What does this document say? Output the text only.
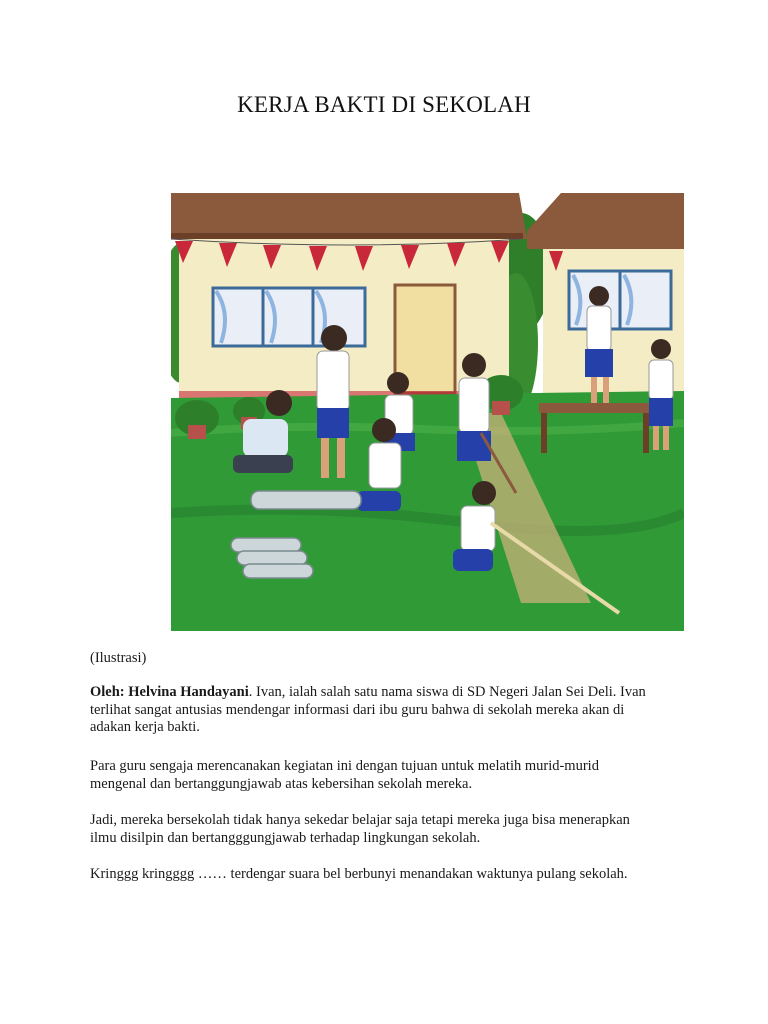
KERJA BAKTI DI SEKOLAH
(Ilustrasi)

Oleh: Helvina Handayani. Ivan, ialah salah satu nama siswa di SD Negeri Jalan Sei Deli. Ivan
terlihat sangat antusias mendengar informasi dari ibu guru bahwa di sekolah mereka akan di
adakan kerja bakti.

Para guru sengaja merencanakan kegiatan ini dengan tujuan untuk melatih murid-murid
mengenal dan bertanggungjawab atas kebersihan sekolah mereka.

Jadi, mereka bersekolah tidak hanya sekedar belajar saja tetapi mereka juga bisa menerapkan
ilmu disilpin dan bertangggungjawab terhadap lingkungan sekolah.

Kringgg kringggg …… terdengar suara bel berbunyi menandakan waktunya pulang sekolah.
